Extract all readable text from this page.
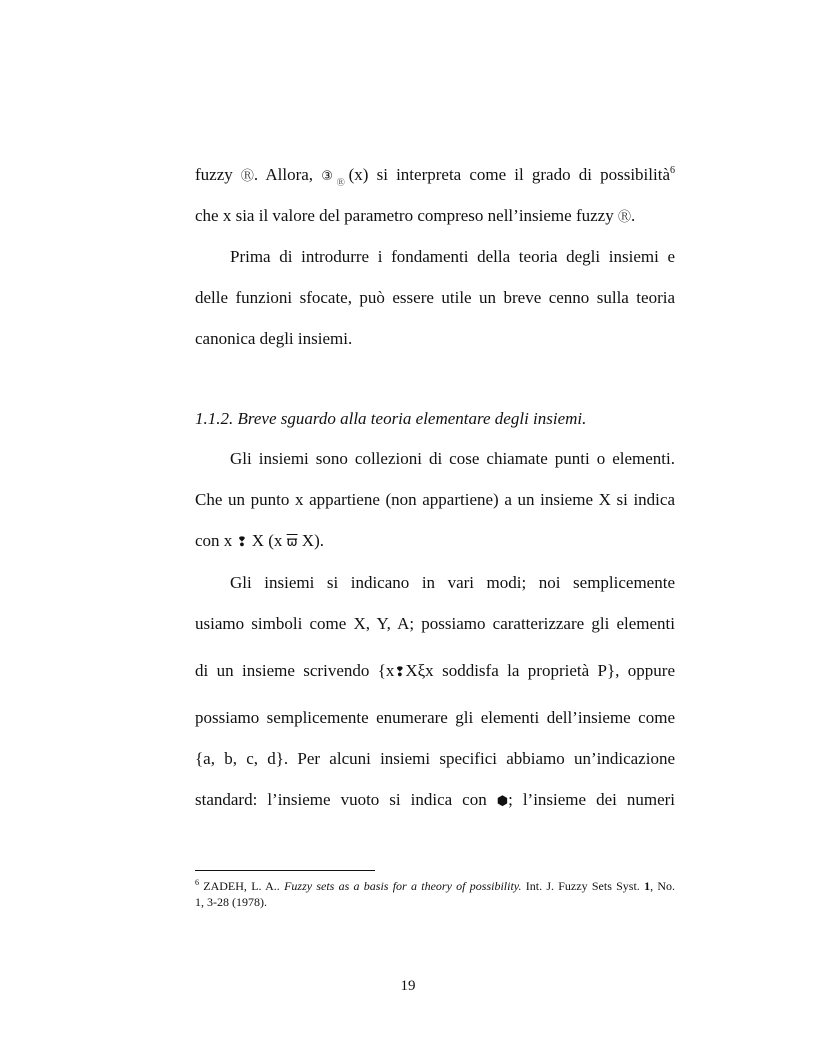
fuzzy Ⓡ. Allora, $③_Ⓡ(x)$ si interpreta come il grado di possibilità$^6$
che x sia il valore del parametro compreso nell’insieme fuzzy Ⓡ.
Prima di introdurre i fondamenti della teoria degli insiemi e
delle funzioni sfocate, può essere utile un breve cenno sulla teoria
canonica degli insiemi.
1.1.2. Breve sguardo alla teoria elementare degli insiemi.
Gli insiemi sono collezioni di cose chiamate punti o elementi.
Che un punto x appartiene (non appartiene) a un insieme X si indica
con x ❢ X (x $\overline{ϖ}$ X).
Gli insiemi si indicano in vari modi; noi semplicemente
usiamo simboli come X, Y, A; possiamo caratterizzare gli elementi
di un insieme scrivendo {x❢Xξx soddisfa la proprietà P}, oppure
possiamo semplicemente enumerare gli elementi dell’insieme come
{a, b, c, d}. Per alcuni insiemi specifici abbiamo un’indicazione
standard: l’insieme vuoto si indica con ⬢; l’insieme dei numeri
$^6$ ZADEH, L. A.. Fuzzy sets as a basis for a theory of possibility. Int. J. Fuzzy Sets Syst. 1, No.
1, 3-28 (1978).
19
